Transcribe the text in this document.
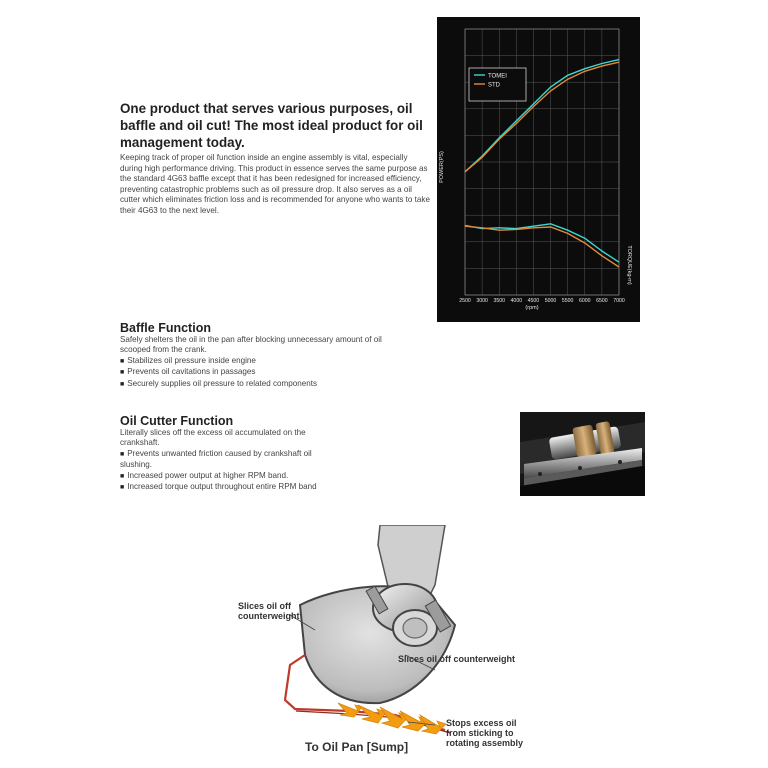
One product that serves various purposes, oil baffle and oil cut! The most ideal product for oil management today.

Keeping track of proper oil function inside an engine assembly is vital, especially during high performance driving. This product in essence serves the same purpose as the standard 4G63 baffle except that it has been redesigned for increased efficiency, preventing catastrophic problems such as oil pressure drop. It also serves as a oil cutter which eliminates friction loss and is recommended for anyone who wants to take their 4G63 to the next level.

Baffle Function
Safely shelters the oil in the pan after blocking unnecessary amount of oil scooped from the crank.
■ Stabilizes oil pressure inside engine
■ Prevents oil cavitations in passages
■ Securely supplies oil pressure to related components
Oil Cutter Function
Literally slices off the excess oil accumulated on the crankshaft.
■ Prevents unwanted friction caused by crankshaft oil slushing.
■ Increased power output at higher RPM band.
■ Increased torque output throughout entire RPM band
TOMEI
STD
2500 3000 3500 4000 4500 5000 5500 6000 6500 7000
(rpm)
POWER(PS)
TORQUE(kg-m)
Slices oil off
counterweight
Slices oil off counterweight
Stops excess oil
from sticking to
rotating assembly
To Oil Pan [Sump]
